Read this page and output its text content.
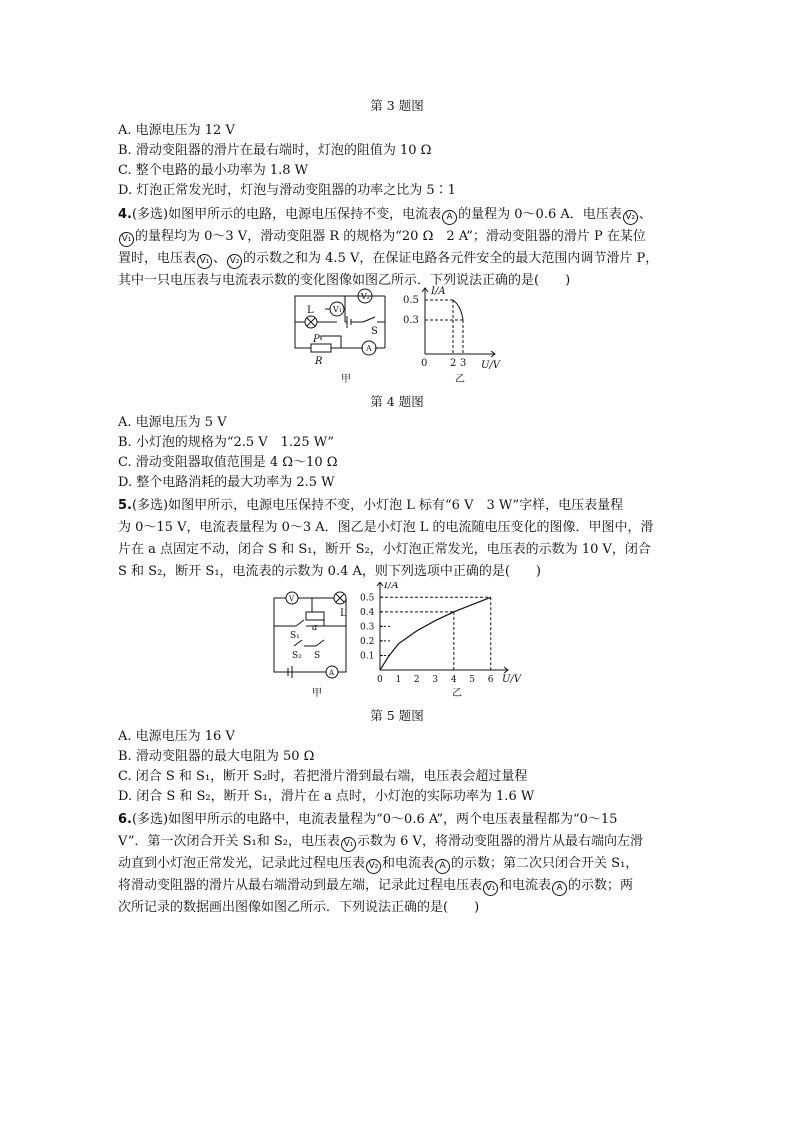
第 3 题图
A. 电源电压为 12 V
B. 滑动变阻器的滑片在最右端时，灯泡的阻值为 10 Ω
C. 整个电路的最小功率为 1.8 W
D. 灯泡正常发光时，灯泡与滑动变阻器的功率之比为 5∶1
4.(多选)如图甲所示的电路，电源电压保持不变，电流表 A 的量程为 0～0.6 A．电压表 V₂ 、
V₁ 的量程均为 0～3 V，滑动变阻器 R 的规格为“20 Ω　2 A”；滑动变阻器的滑片 P 在某位
置时，电压表 V₁ 、 V₂ 的示数之和为 4.5 V，在保证电路各元件安全的最大范围内调节滑片 P，
其中一只电压表与电流表示数的变化图像如图乙所示．下列说法正确的是(　　)
L V₁
V₂
A
S
P
R
甲
I/A
U/V
0.5
0.3
0 2 3
乙
第 4 题图
A. 电源电压为 5 V
B. 小灯泡的规格为“2.5 V　1.25 W”
C. 滑动变阻器取值范围是 4 Ω～10 Ω
D. 整个电路消耗的最大功率为 2.5 W
5.(多选)如图甲所示，电源电压保持不变，小灯泡 L 标有“6 V　3 W”字样，电压表量程
为 0～15 V，电流表量程为 0～3 A．图乙是小灯泡 L 的电流随电压变化的图像．甲图中，滑
片在 a 点固定不动，闭合 S 和 S₁，断开 S₂，小灯泡正常发光，电压表的示数为 10 V，闭合
S 和 S₂，断开 S₁，电流表的示数为 0.4 A，则下列选项中正确的是(　　)
V
A
L
a
S₁
S₂ S
甲	乙
0 1 2 3 4 5 6
0.5
0.4
0.3
0.2
0.1
I/A
U/V
第 5 题图
A. 电源电压为 16 V
B. 滑动变阻器的最大电阻为 50 Ω
C. 闭合 S 和 S₁，断开 S₂时，若把滑片滑到最右端，电压表会超过量程
D. 闭合 S 和 S₂，断开 S₁，滑片在 a 点时，小灯泡的实际功率为 1.6 W
6.(多选)如图甲所示的电路中，电流表量程为“0～0.6 A”，两个电压表量程都为“0～15
V”．第一次闭合开关 S₁和 S₂，电压表 V₁ 示数为 6 V，将滑动变阻器的滑片从最右端向左滑
动直到小灯泡正常发光，记录此过程电压表 V₂ 和电流表 A 的示数；第二次只闭合开关 S₁，
将滑动变阻器的滑片从最右端滑动到最左端，记录此过程电压表 V₁ 和电流表 A 的示数；两
次所记录的数据画出图像如图乙所示．下列说法正确的是(　　)
